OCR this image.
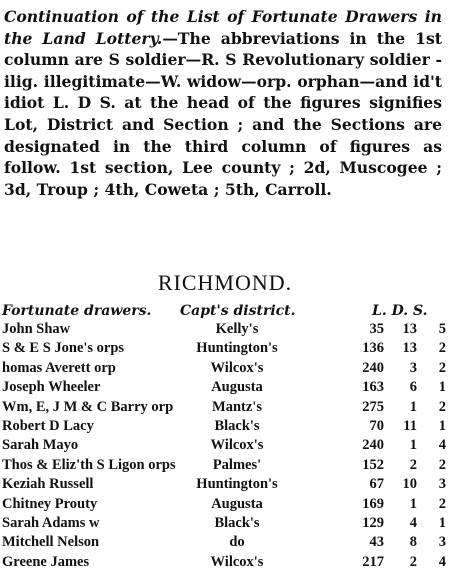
Continuation of the List of Fortunate Drawers in the Land Lottery.—The abbreviations in the 1st column are S soldier—R. S Revolutionary soldier - ilig. illegitimate—W. widow—orp. orphan—and id't idiot L. D S. at the head of the figures signifies Lot, District and Section ; and the Sections are designated in the third column of figures as follow. 1st section, Lee county ; 2d, Muscogee ; 3d, Troup ; 4th, Coweta ; 5th, Carroll.

RICHMOND.
Fortunate drawers. Capt's district.	L. D. S.
John Shaw	Kelly's	35	13	5
S & E S Jone's orps	Huntington's	136	13	2
homas Averett orp	Wilcox's	240	3	2
Joseph Wheeler	Augusta	163	6	1
Wm, E, J M & C Barry orp	Mantz's	275	1	2
Robert D Lacy	Black's	70	11	1
Sarah Mayo	Wilcox's	240	1	4
Thos & Eliz'th S Ligon orps	Palmes'	152	2	2
Keziah Russell	Huntington's	67	10	3
Chitney Prouty	Augusta	169	1	2
Sarah Adams w	Black's	129	4	1
Mitchell Nelson	do	43	8	3
Greene James	Wilcox's	217	2	4
